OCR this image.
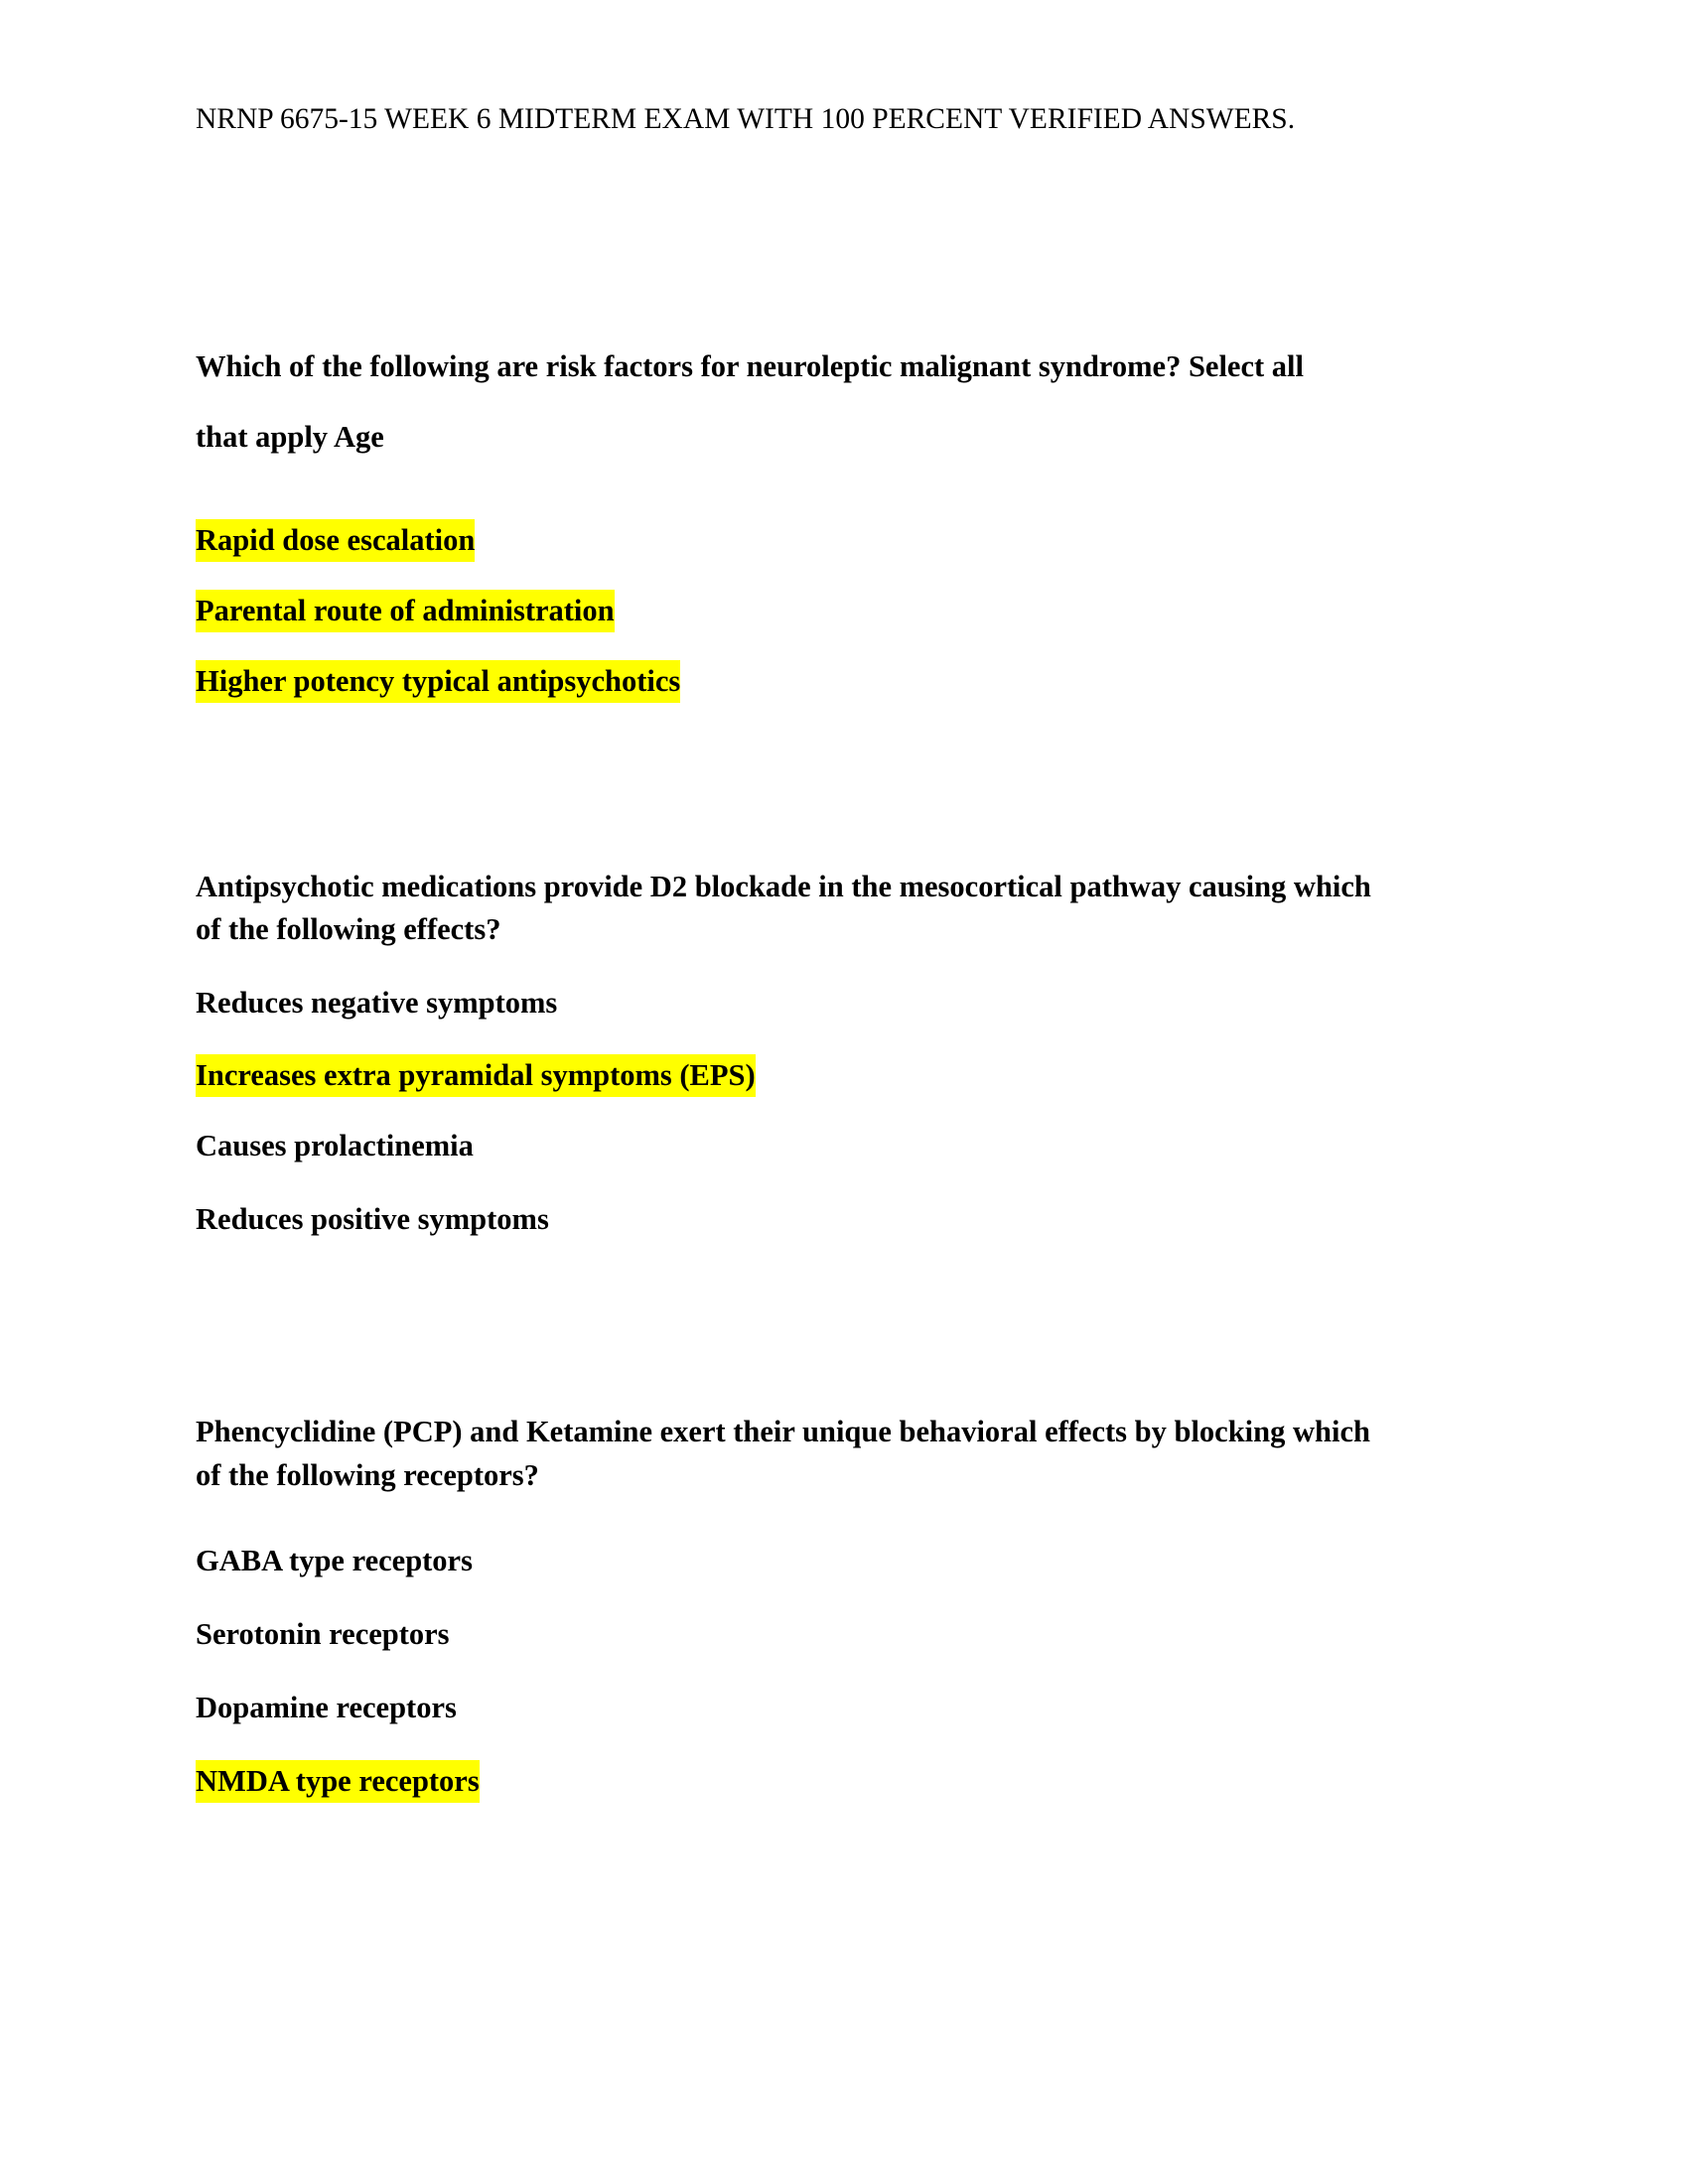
NRNP 6675-15 WEEK 6 MIDTERM EXAM WITH 100 PERCENT VERIFIED ANSWERS.
Which of the following are risk factors for neuroleptic malignant syndrome? Select all
that apply Age
Rapid dose escalation
Parental route of administration
Higher potency typical antipsychotics
Antipsychotic medications provide D2 blockade in the mesocortical pathway causing which
of the following effects?
Reduces negative symptoms
Increases extra pyramidal symptoms (EPS)
Causes prolactinemia
Reduces positive symptoms
Phencyclidine (PCP) and Ketamine exert their unique behavioral effects by blocking which
of the following receptors?
GABA type receptors
Serotonin receptors
Dopamine receptors
NMDA type receptors
